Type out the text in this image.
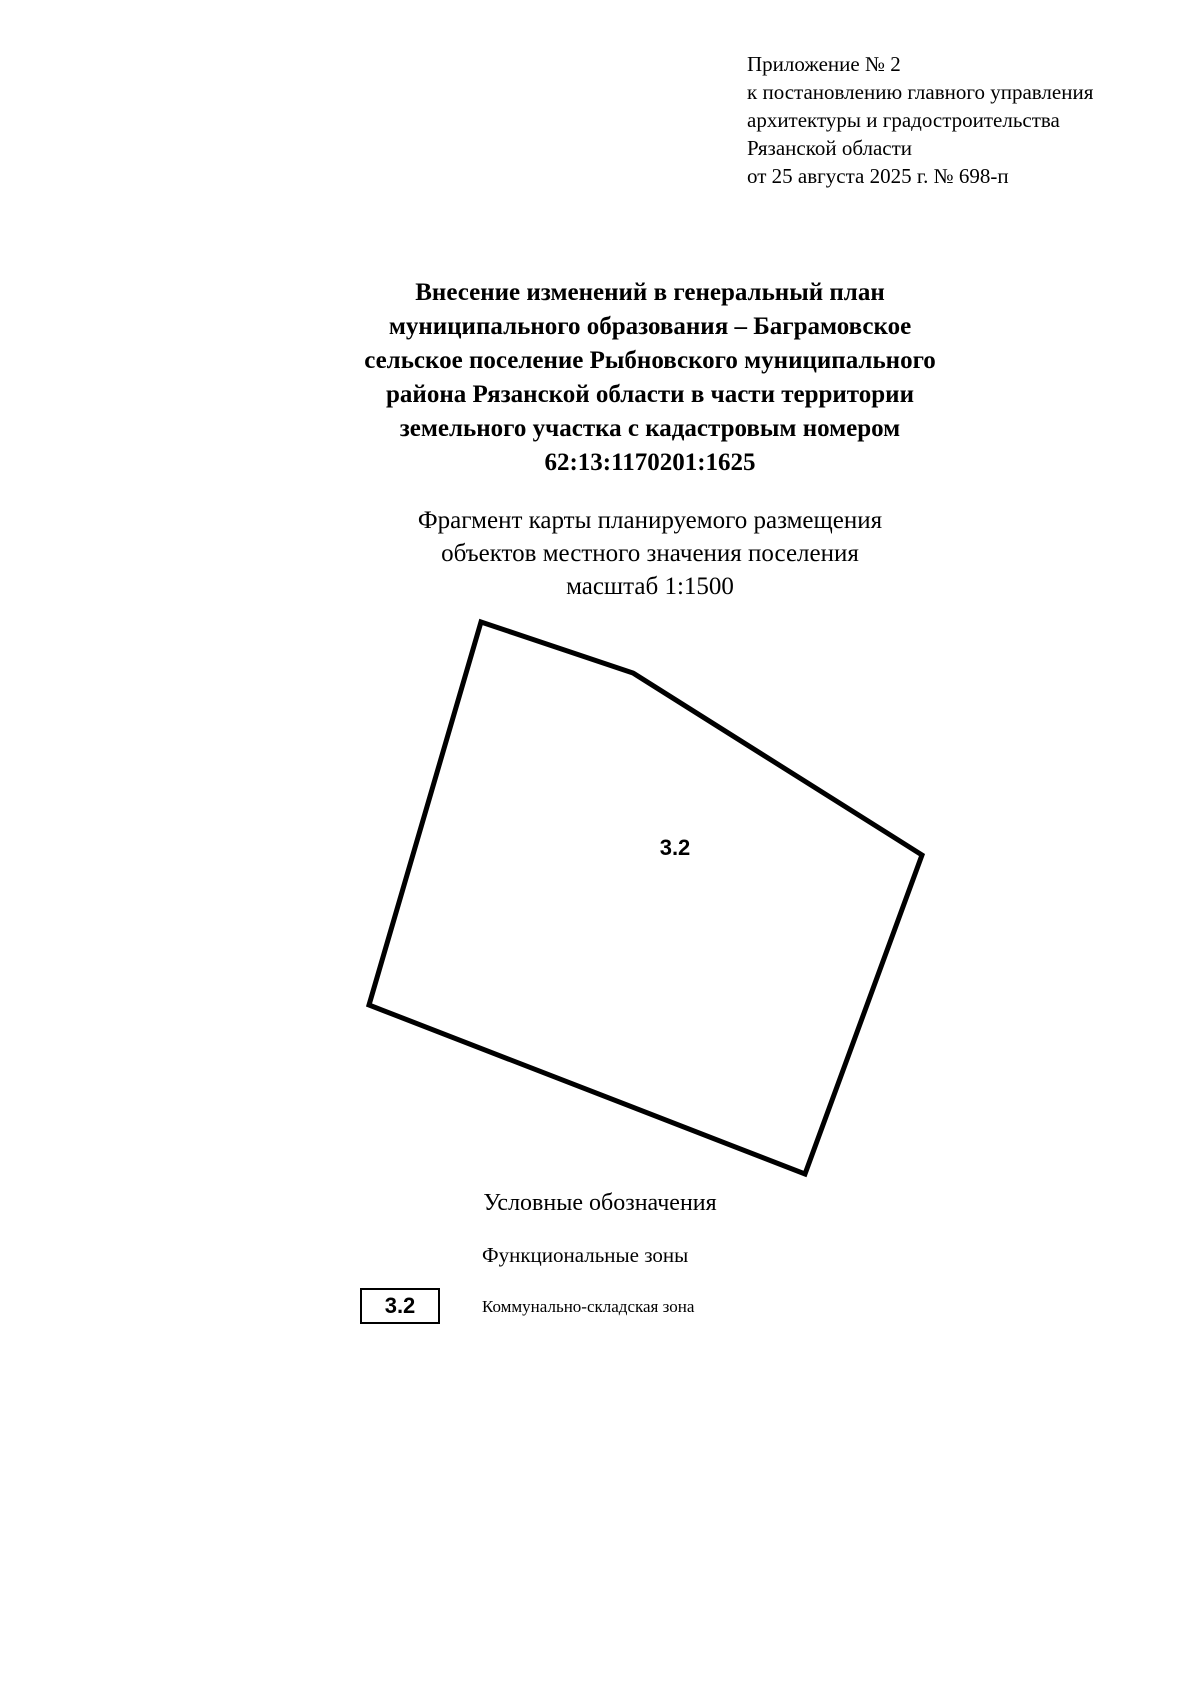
Приложение № 2
к постановлению главного управления
архитектуры и градостроительства
Рязанской области
от 25 августа 2025 г. № 698-п
Внесение изменений в генеральный план
муниципального образования – Баграмовское
сельское поселение Рыбновского муниципального
района Рязанской области в части территории
земельного участка с кадастровым номером
62:13:1170201:1625
Фрагмент карты планируемого размещения
объектов местного значения поселения
масштаб 1:1500
3.2
Условные обозначения
Функциональные зоны
3.2	Коммунально-складская зона
